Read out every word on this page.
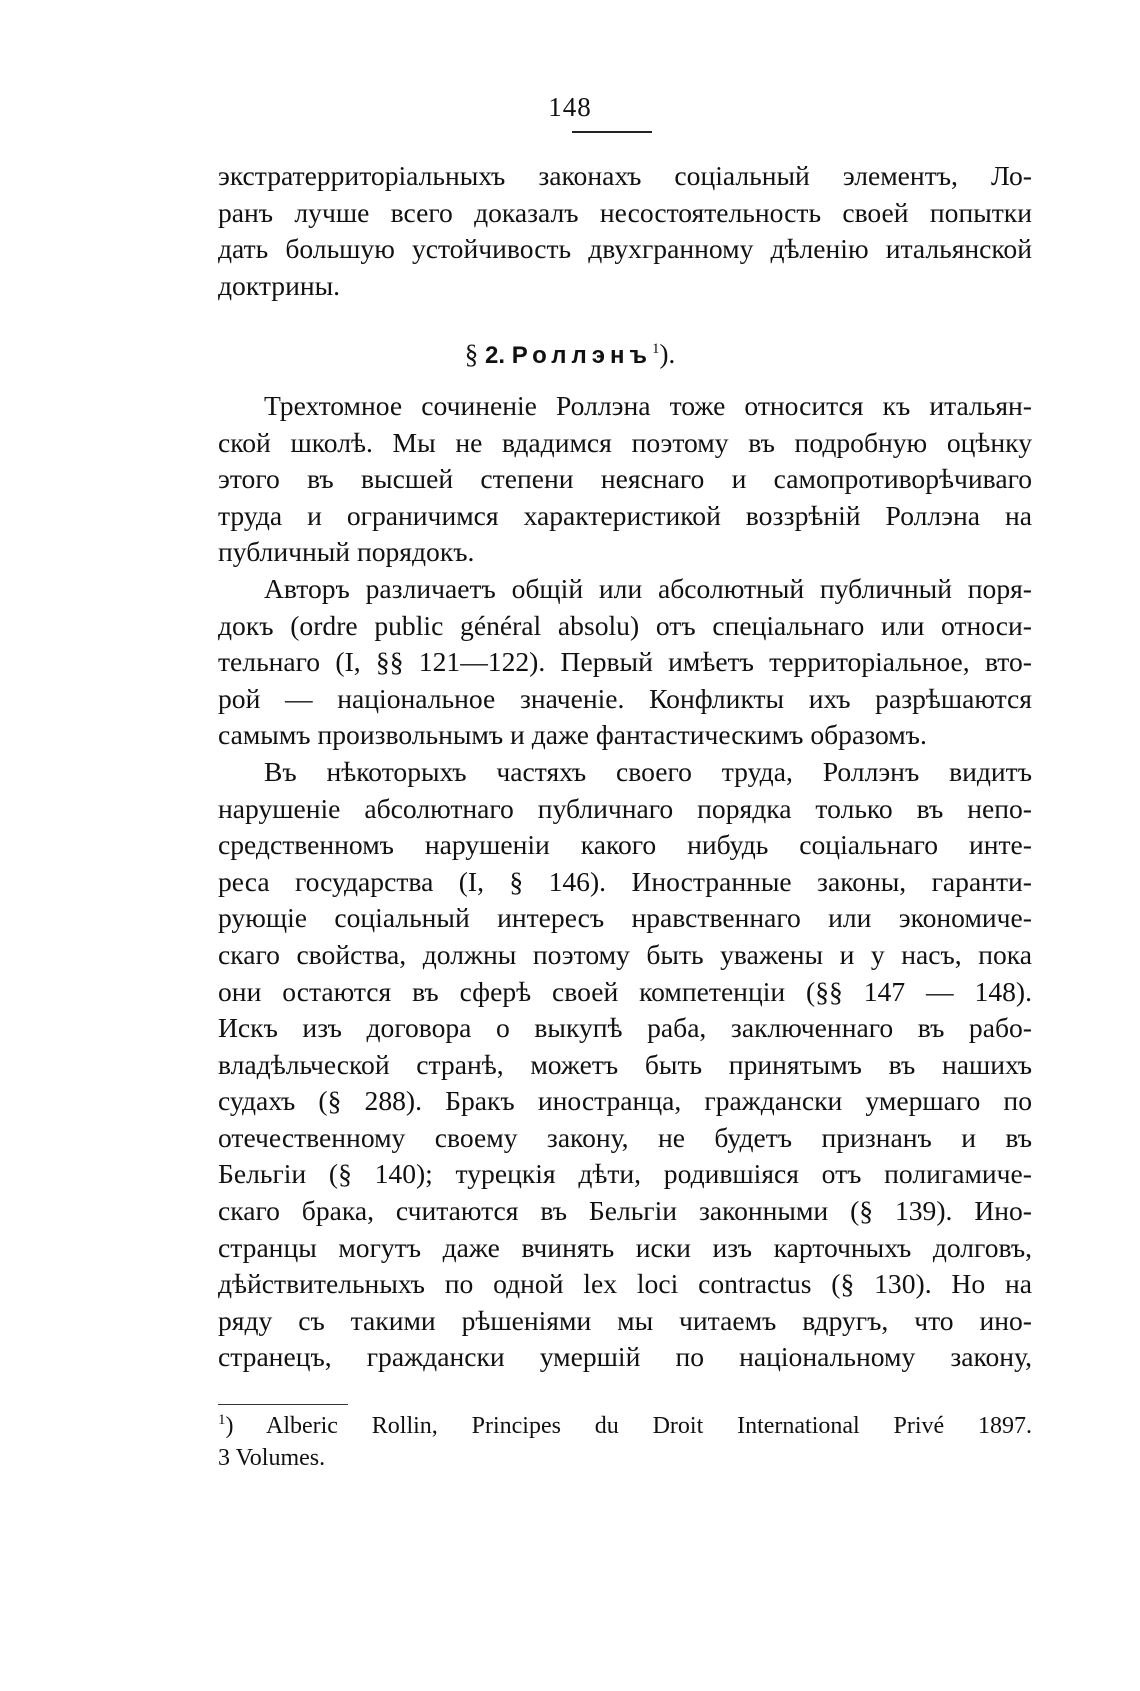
148
экстратерриторіальныхъ законахъ соціальный элементъ, Ло-
ранъ лучше всего доказалъ несостоятельность своей попытки
дать большую устойчивость двухгранному дѣленію итальянской
доктрины.
§ 2. Роллэнъ$^1$).
Трехтомное сочиненіе Роллэна тоже относится къ итальян-
ской школѣ. Мы не вдадимся поэтому въ подробную оцѣнку
этого въ высшей степени неяснаго и самопротиворѣчиваго
труда и ограничимся характеристикой воззрѣній Роллэна на
публичный порядокъ.
Авторъ различаетъ общій или абсолютный публичный поря-
докъ (ordre public général absolu) отъ спеціальнаго или относи-
тельнаго (I, §§ 121—122). Первый имѣетъ территоріальное, вто-
рой — національное значеніе. Конфликты ихъ разрѣшаются
самымъ произвольнымъ и даже фантастическимъ образомъ.
Въ нѣкоторыхъ частяхъ своего труда, Роллэнъ видитъ
нарушеніе абсолютнаго публичнаго порядка только въ непо-
средственномъ нарушеніи какого нибудь соціальнаго инте-
реса государства (I, § 146). Иностранные законы, гаранти-
рующіе соціальный интересъ нравственнаго или экономиче-
скаго свойства, должны поэтому быть уважены и у насъ, пока
они остаются въ сферѣ своей компетенціи (§§ 147 — 148).
Искъ изъ договора о выкупѣ раба, заключеннаго въ рабо-
владѣльческой странѣ, можетъ быть принятымъ въ нашихъ
судахъ (§ 288). Бракъ иностранца, граждански умершаго по
отечественному своему закону, не будетъ признанъ и въ
Бельгіи (§ 140); турецкія дѣти, родившіяся отъ полигамиче-
скаго брака, считаются въ Бельгіи законными (§ 139). Ино-
странцы могутъ даже вчинять иски изъ карточныхъ долговъ,
дѣйствительныхъ по одной lex loci contractus (§ 130). Но на
ряду съ такими рѣшеніями мы читаемъ вдругъ, что ино-
странецъ, граждански умершій по національному закону,
$^1$) Alberic Rollin, Principes du Droit International Privé 1897.
3 Volumes.
